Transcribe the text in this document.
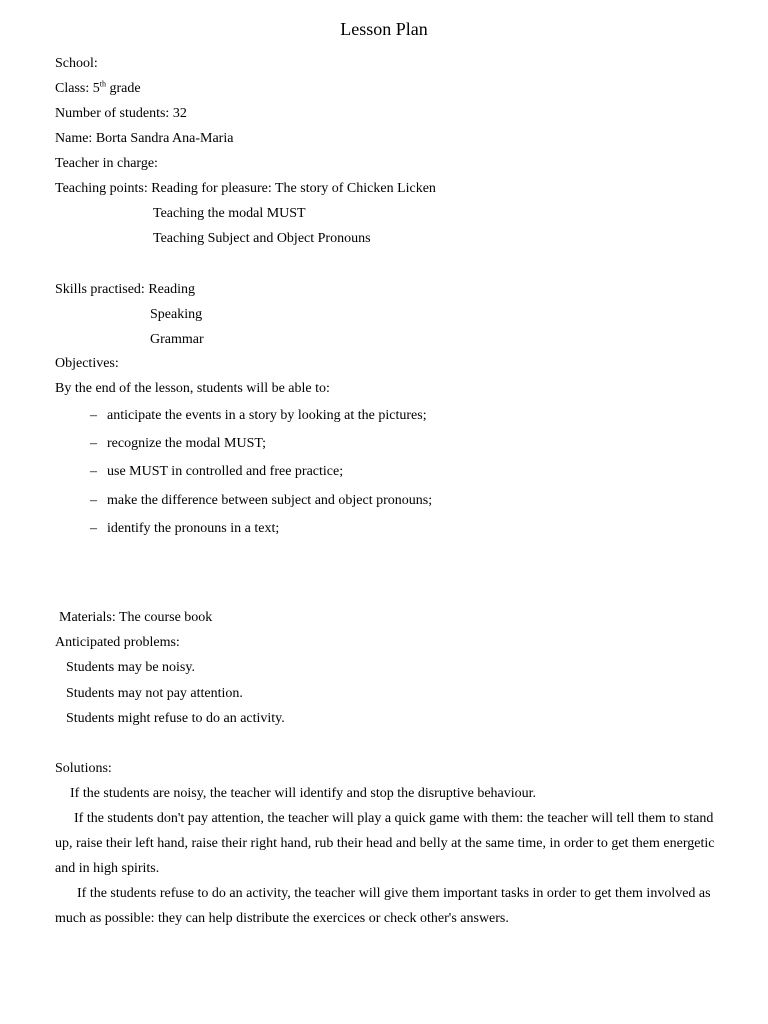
Lesson Plan
School:
Class: 5th grade
Number of students: 32
Name: Borta Sandra Ana-Maria
Teacher in charge:
Teaching points: Reading for pleasure: The story of Chicken Licken
Teaching the modal MUST
Teaching Subject and Object Pronouns
Skills practised: Reading
Speaking
Grammar
Objectives:
By the end of the lesson, students will be able to:
– anticipate the events in a story by looking at the pictures;
– recognize the modal MUST;
– use MUST in controlled and free practice;
– make the difference between subject and object pronouns;
– identify the pronouns in a text;
Materials: The course book
Anticipated problems:
Students may be noisy.
Students may not pay attention.
Students might refuse to do an activity.
Solutions:
If the students are noisy, the teacher will identify and stop the disruptive behaviour.
If the students don't pay attention, the teacher will play a quick game with them: the teacher will tell them to stand up, raise their left hand, raise their right hand, rub their head and belly at the same time, in order to get them energetic and in high spirits.
If the students refuse to do an activity, the teacher will give them important tasks in order to get them involved as much as possible: they can help distribute the exercices or check other's answers.
